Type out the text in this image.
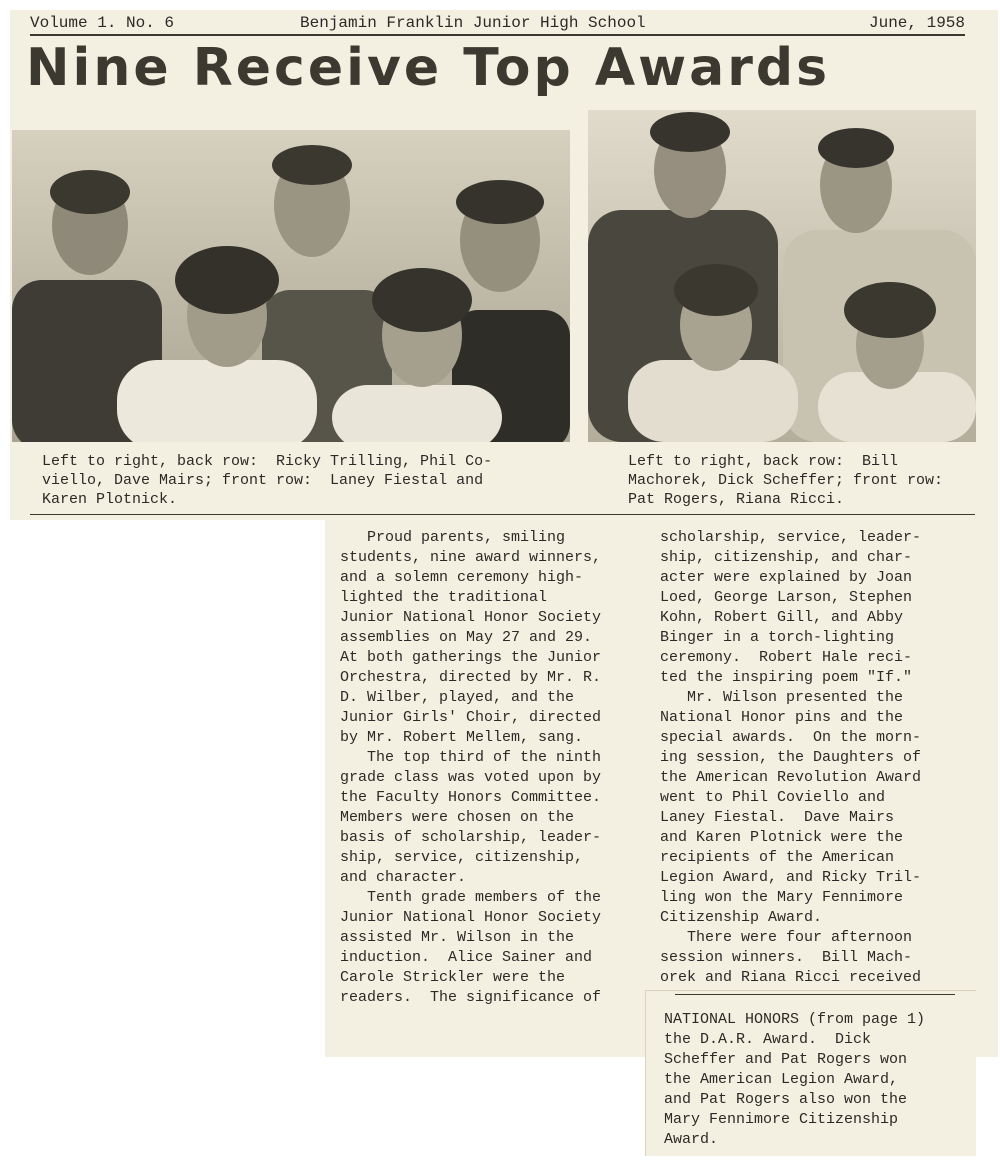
Volume 1. No. 6	Benjamin Franklin Junior High School	June, 1958
Nine Receive Top Awards
Left to right, back row:  Ricky Trilling, Phil Co-
viello, Dave Mairs; front row:  Laney Fiestal and
Karen Plotnick.
Left to right, back row:  Bill
Machorek, Dick Scheffer; front row:
Pat Rogers, Riana Ricci.
Proud parents, smiling
students, nine award winners,
and a solemn ceremony high-
lighted the traditional
Junior National Honor Society
assemblies on May 27 and 29.
At both gatherings the Junior
Orchestra, directed by Mr. R.
D. Wilber, played, and the
Junior Girls' Choir, directed
by Mr. Robert Mellem, sang.
The top third of the ninth
grade class was voted upon by
the Faculty Honors Committee.
Members were chosen on the
basis of scholarship, leader-
ship, service, citizenship,
and character.
Tenth grade members of the
Junior National Honor Society
assisted Mr. Wilson in the
induction.  Alice Sainer and
Carole Strickler were the
readers.  The significance of
scholarship, service, leader-
ship, citizenship, and char-
acter were explained by Joan
Loed, George Larson, Stephen
Kohn, Robert Gill, and Abby
Binger in a torch-lighting
ceremony.  Robert Hale reci-
ted the inspiring poem "If."
Mr. Wilson presented the
National Honor pins and the
special awards.  On the morn-
ing session, the Daughters of
the American Revolution Award
went to Phil Coviello and
Laney Fiestal.  Dave Mairs
and Karen Plotnick were the
recipients of the American
Legion Award, and Ricky Tril-
ling won the Mary Fennimore
Citizenship Award.
There were four afternoon
session winners.  Bill Mach-
orek and Riana Ricci received
NATIONAL HONORS (from page 1)
the D.A.R. Award.  Dick
Scheffer and Pat Rogers won
the American Legion Award,
and Pat Rogers also won the
Mary Fennimore Citizenship
Award.
